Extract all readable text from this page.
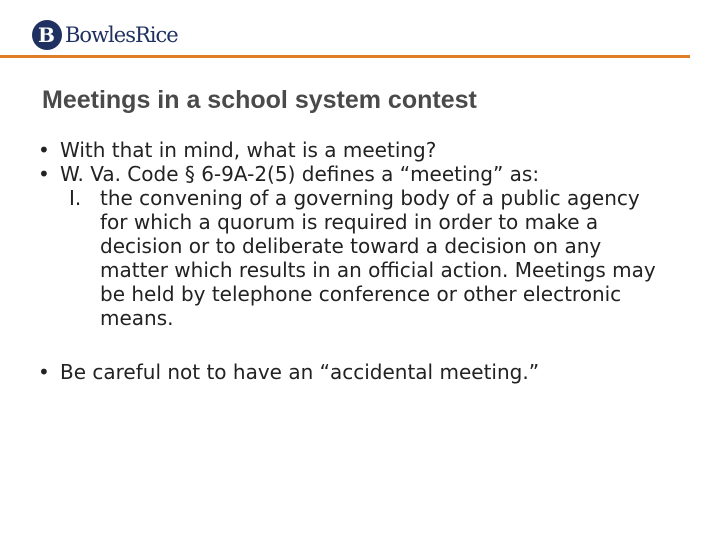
B BowlesRice
Meetings in a school system contest
• With that in mind, what is a meeting?
• W. Va. Code § 6-9A-2(5) defines a “meeting” as:
I. the convening of a governing body of a public agency for which a quorum is required in order to make a decision or to deliberate toward a decision on any matter which results in an official action. Meetings may be held by telephone conference or other electronic means.
• Be careful not to have an “accidental meeting.”
